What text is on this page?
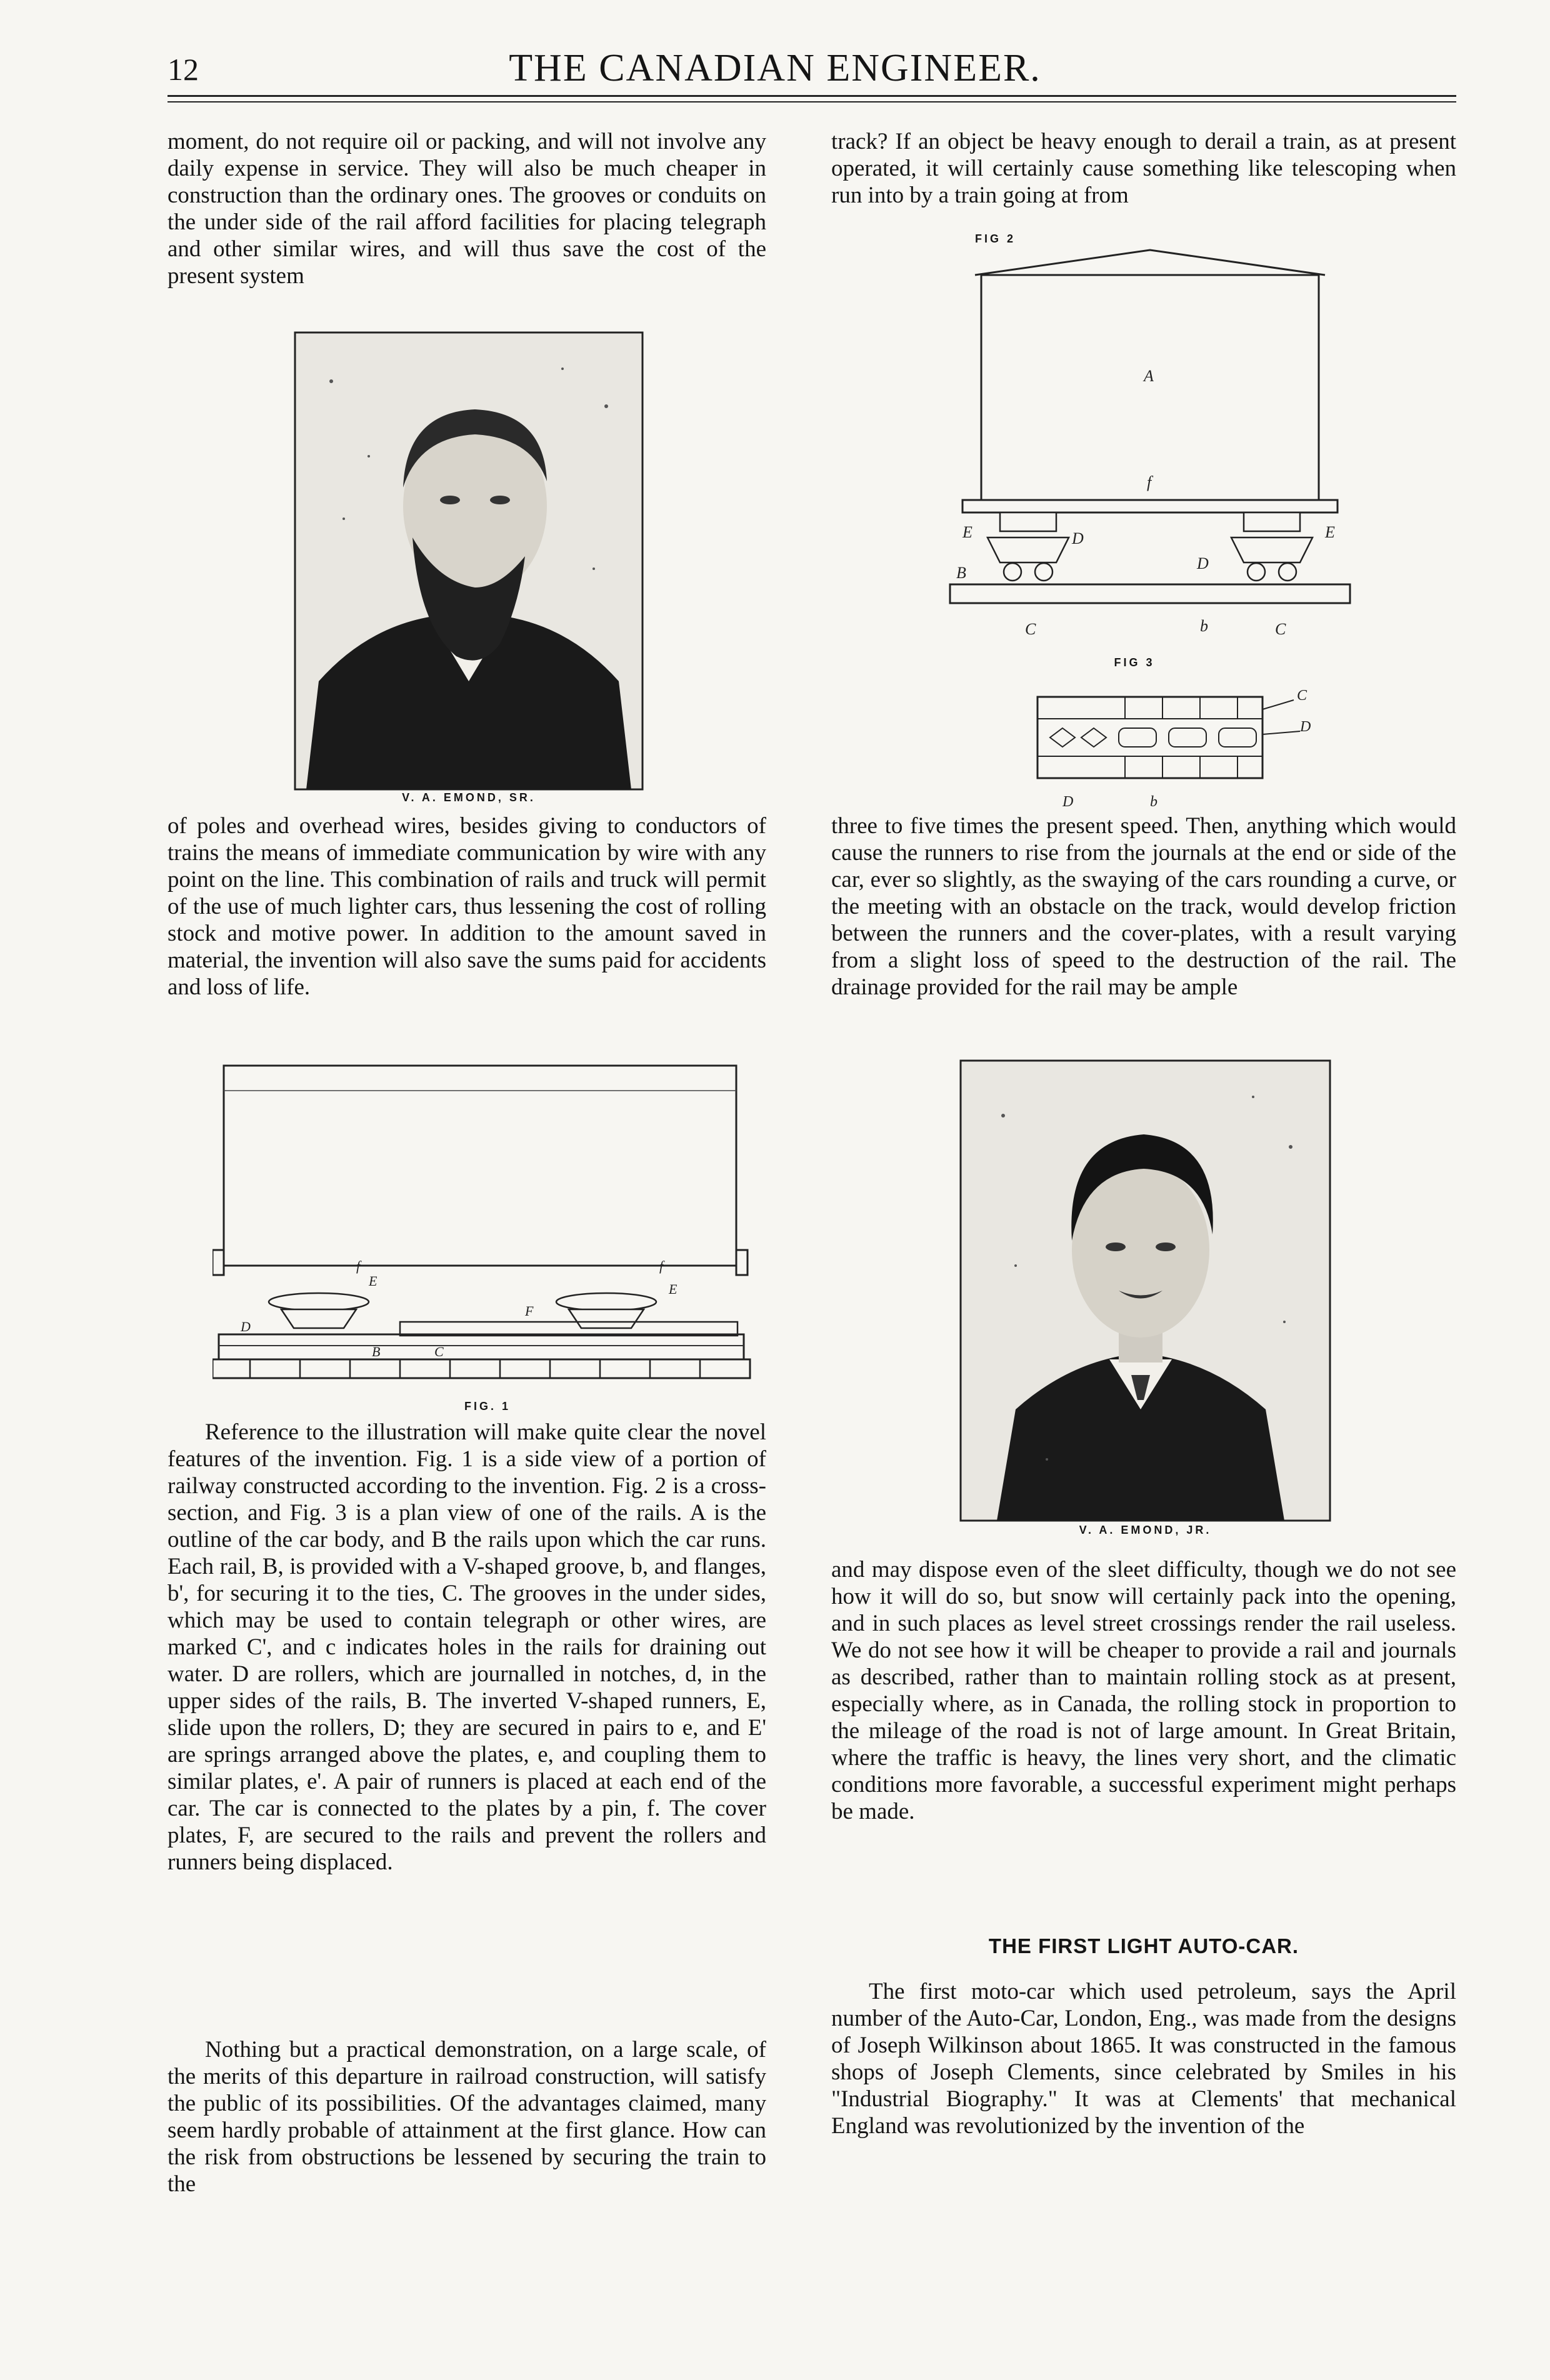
12	THE CANADIAN ENGINEER.

moment, do not require oil or packing, and will not involve any daily expense in service. They will also be much cheaper in construction than the ordinary ones. The grooves or conduits on the under side of the rail afford facilities for placing telegraph and other similar wires, and will thus save the cost of the present system

V. A. EMOND, SR.

of poles and overhead wires, besides giving to conductors of trains the means of immediate communication by wire with any point on the line. This combination of rails and truck will permit of the use of much lighter cars, thus lessening the cost of rolling stock and motive power. In addition to the amount saved in material, the invention will also save the sums paid for accidents and loss of life.

f
E
f
E
F
D
B	C
FIG. 1

Reference to the illustration will make quite clear the novel features of the invention. Fig. 1 is a side view of a portion of railway constructed according to the invention. Fig. 2 is a cross-section, and Fig. 3 is a plan view of one of the rails. A is the outline of the car body, and B the rails upon which the car runs. Each rail, B, is provided with a V-shaped groove, b, and flanges, b', for securing it to the ties, C. The grooves in the under sides, which may be used to contain telegraph or other wires, are marked C', and c indicates holes in the rails for draining out water. D are rollers, which are journalled in notches, d, in the upper sides of the rails, B. The inverted V-shaped runners, E, slide upon the rollers, D; they are secured in pairs to e, and E' are springs arranged above the plates, e, and coupling them to similar plates, e'. A pair of runners is placed at each end of the car. The car is connected to the plates by a pin, f. The cover plates, F, are secured to the rails and prevent the rollers and runners being displaced.

Nothing but a practical demonstration, on a large scale, of the merits of this departure in railroad construction, will satisfy the public of its possibilities. Of the advantages claimed, many seem hardly probable of attainment at the first glance. How can the risk from obstructions be lessened by securing the train to the

track? If an object be heavy enough to derail a train, as at present operated, it will certainly cause something like telescoping when run into by a train going at from

FIG 2
A
f
E	E
D
D
B
C	C
b
FIG 3
C
D
D	b

three to five times the present speed. Then, anything which would cause the runners to rise from the journals at the end or side of the car, ever so slightly, as the swaying of the cars rounding a curve, or the meeting with an obstacle on the track, would develop friction between the runners and the cover-plates, with a result varying from a slight loss of speed to the destruction of the rail. The drainage provided for the rail may be ample

V. A. EMOND, JR.

and may dispose even of the sleet difficulty, though we do not see how it will do so, but snow will certainly pack into the opening, and in such places as level street crossings render the rail useless. We do not see how it will be cheaper to provide a rail and journals as described, rather than to maintain rolling stock as at present, especially where, as in Canada, the rolling stock in proportion to the mileage of the road is not of large amount. In Great Britain, where the traffic is heavy, the lines very short, and the climatic conditions more favorable, a successful experiment might perhaps be made.

THE FIRST LIGHT AUTO-CAR.

The first moto-car which used petroleum, says the April number of the Auto-Car, London, Eng., was made from the designs of Joseph Wilkinson about 1865. It was constructed in the famous shops of Joseph Clements, since celebrated by Smiles in his "Industrial Biography." It was at Clements' that mechanical England was revolutionized by the invention of the
